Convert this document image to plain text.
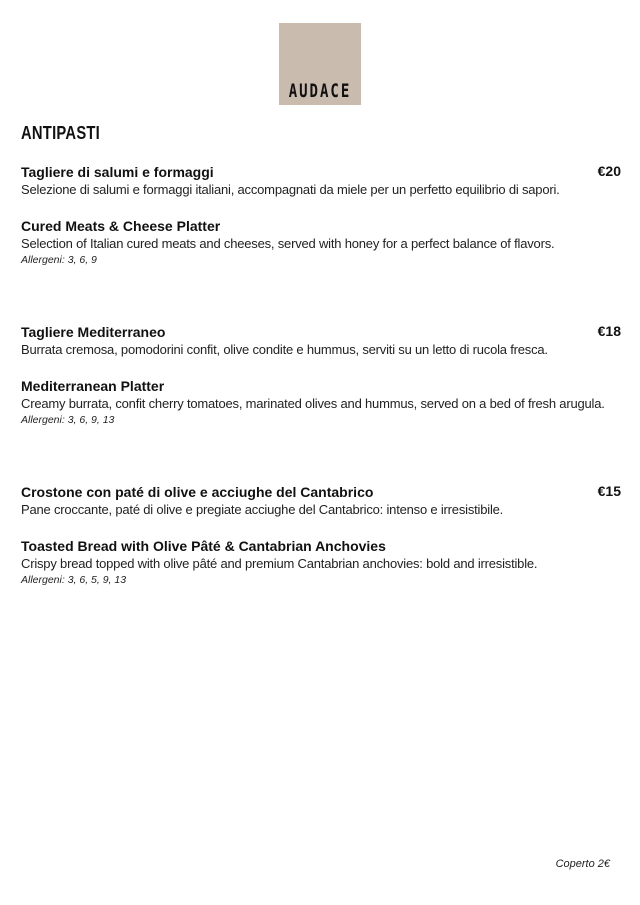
AUDACE
ANTIPASTI
Tagliere di salumi e formaggi	€20
Selezione di salumi e formaggi italiani, accompagnati da miele per un perfetto equilibrio di sapori.
Cured Meats & Cheese Platter
Selection of Italian cured meats and cheeses, served with honey for a perfect balance of flavors.
Allergeni: 3, 6, 9
Tagliere Mediterraneo	€18
Burrata cremosa, pomodorini confit, olive condite e hummus, serviti su un letto di rucola fresca.
Mediterranean Platter
Creamy burrata, confit cherry tomatoes, marinated olives and hummus, served on a bed of fresh arugula.
Allergeni: 3, 6, 9, 13
Crostone con paté di olive e acciughe del Cantabrico	€15
Pane croccante, paté di olive e pregiate acciughe del Cantabrico: intenso e irresistibile.
Toasted Bread with Olive Pâté & Cantabrian Anchovies
Crispy bread topped with olive pâté and premium Cantabrian anchovies: bold and irresistible.
Allergeni: 3, 6, 5, 9, 13
Coperto 2€
